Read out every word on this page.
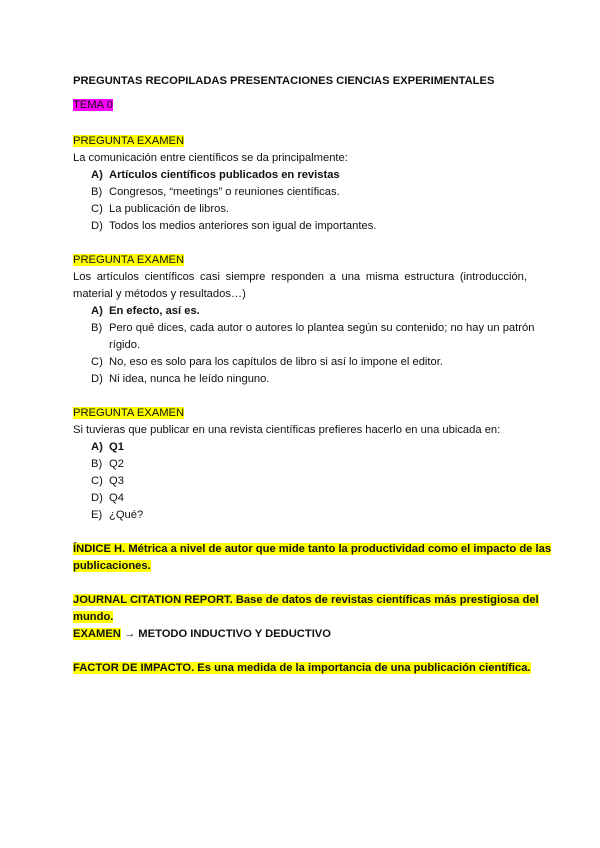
PREGUNTAS RECOPILADAS PRESENTACIONES CIENCIAS EXPERIMENTALES
TEMA 0
PREGUNTA EXAMEN
La comunicación entre científicos se da principalmente:
A) Artículos científicos publicados en revistas
B) Congresos, “meetings” o reuniones científicas.
C) La publicación de libros.
D) Todos los medios anteriores son igual de importantes.
PREGUNTA EXAMEN
Los artículos científicos casi siempre responden a una misma estructura (introducción,
material y métodos y resultados…)
A) En efecto, así es.
B) Pero qué dices, cada autor o autores lo plantea según su contenido; no hay un patrón
rígido.
C) No, eso es solo para los capítulos de libro si así lo impone el editor.
D) Ni idea, nunca he leído ninguno.
PREGUNTA EXAMEN
Si tuvieras que publicar en una revista científicas prefieres hacerlo en una ubicada en:
A) Q1
B) Q2
C) Q3
D) Q4
E) ¿Qué?
ÍNDICE H. Métrica a nivel de autor que mide tanto la productividad como el impacto de las
publicaciones.
JOURNAL CITATION REPORT. Base de datos de revistas científicas más prestigiosa del
mundo.
EXAMEN → METODO INDUCTIVO Y DEDUCTIVO
FACTOR DE IMPACTO. Es una medida de la importancia de una publicación científica.
